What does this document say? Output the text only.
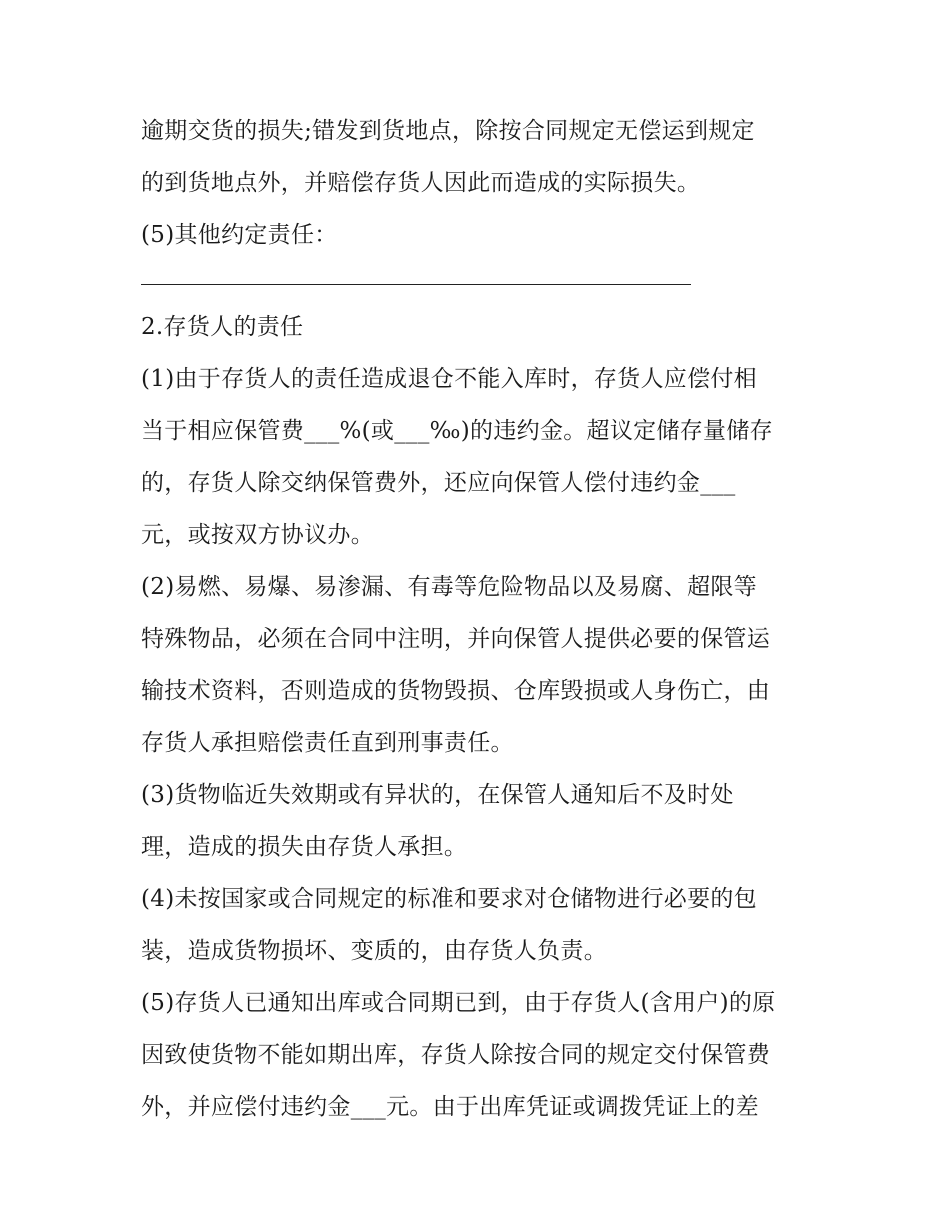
逾期交货的损失;错发到货地点，除按合同规定无偿运到规定
的到货地点外，并赔偿存货人因此而造成的实际损失。
(5)其他约定责任：
2.存货人的责任
(1)由于存货人的责任造成退仓不能入库时，存货人应偿付相
当于相应保管费___%(或___‰)的违约金。超议定储存量储存
的，存货人除交纳保管费外，还应向保管人偿付违约金___
元，或按双方协议办。
(2)易燃、易爆、易渗漏、有毒等危险物品以及易腐、超限等
特殊物品，必须在合同中注明，并向保管人提供必要的保管运
输技术资料，否则造成的货物毁损、仓库毁损或人身伤亡，由
存货人承担赔偿责任直到刑事责任。
(3)货物临近失效期或有异状的，在保管人通知后不及时处
理，造成的损失由存货人承担。
(4)未按国家或合同规定的标准和要求对仓储物进行必要的包
装，造成货物损坏、变质的，由存货人负责。
(5)存货人已通知出库或合同期已到，由于存货人(含用户)的原
因致使货物不能如期出库，存货人除按合同的规定交付保管费
外，并应偿付违约金___元。由于出库凭证或调拨凭证上的差
